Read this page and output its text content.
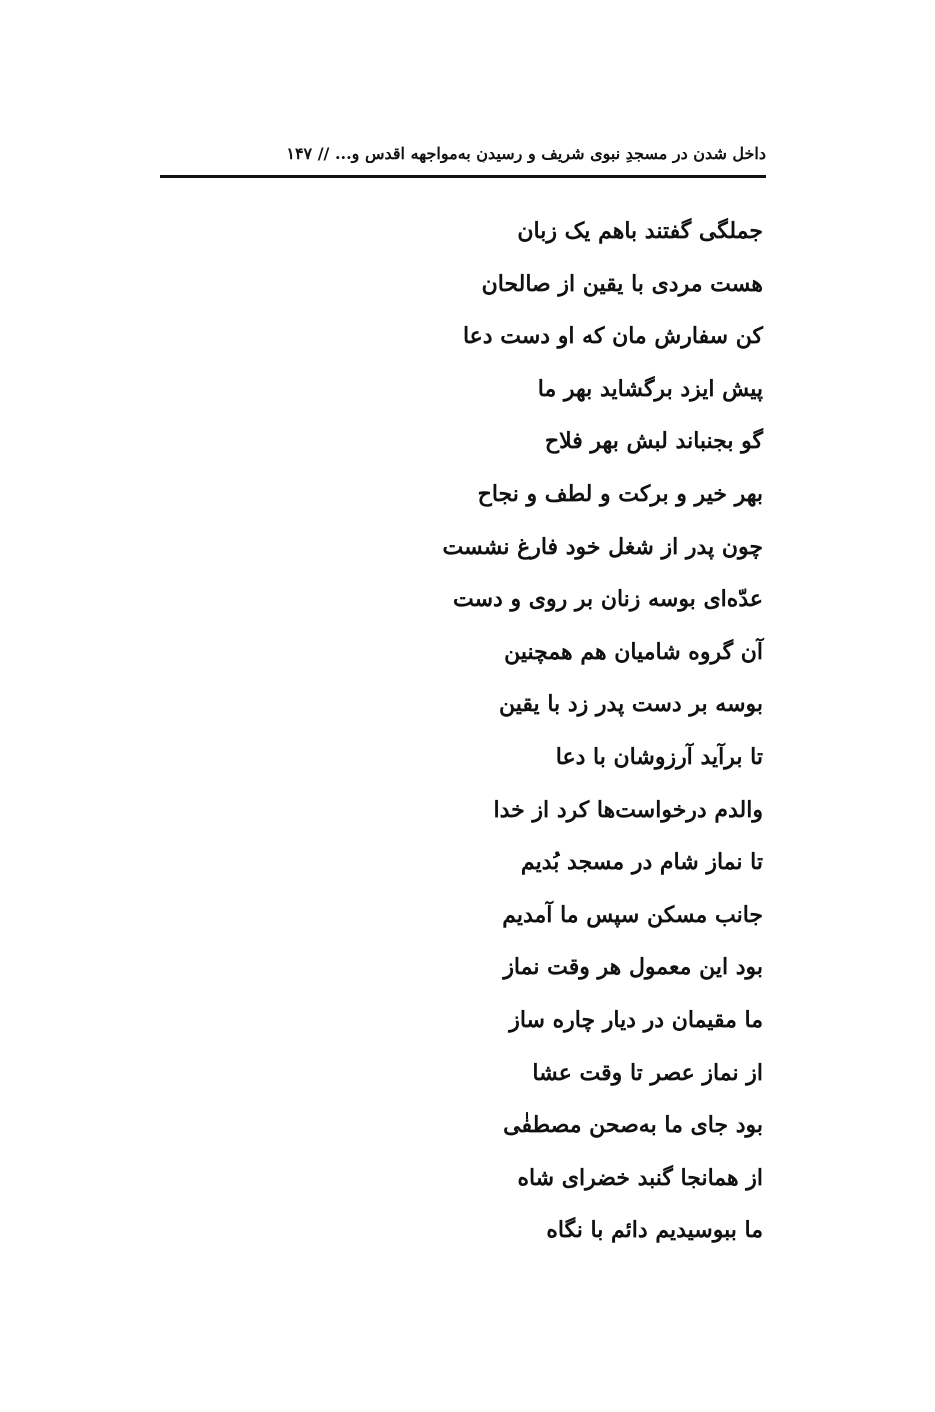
داخل شدن در مسجدِ نبوی شریف و رسیدنِ به‌مواجهه اقدس و... // ۱۴۷
جملگی گفتند باهم یک زبان
هست مردی با یقین از صالحان
کن سفارش مان که او دست دعا
پیش ایزد برگشاید بهر ما
گو بجنباند لبش بهر فلاح
بهر خیر و برکت و لطف و نجاح
چون پدر از شغل خود فارغ نشست
عدّه‌ای بوسه زنان بر روی و دست
آن گروه شامیان هم همچنین
بوسه بر دست پدر زد با یقین
تا برآید آرزوشان با دعا
والدم درخواست‌ها کرد از خدا
تا نماز شام در مسجد بُدیم
جانب مسکن سپس ما آمدیم
بود این معمول هر وقت نماز
ما مقیمان در دیار چاره ساز
از نماز عصر تا وقت عشا
بود جای ما به‌صحن مصطفٰی
از همانجا گنبد خضرای شاه
ما ببوسیدیم دائم با نگاه
